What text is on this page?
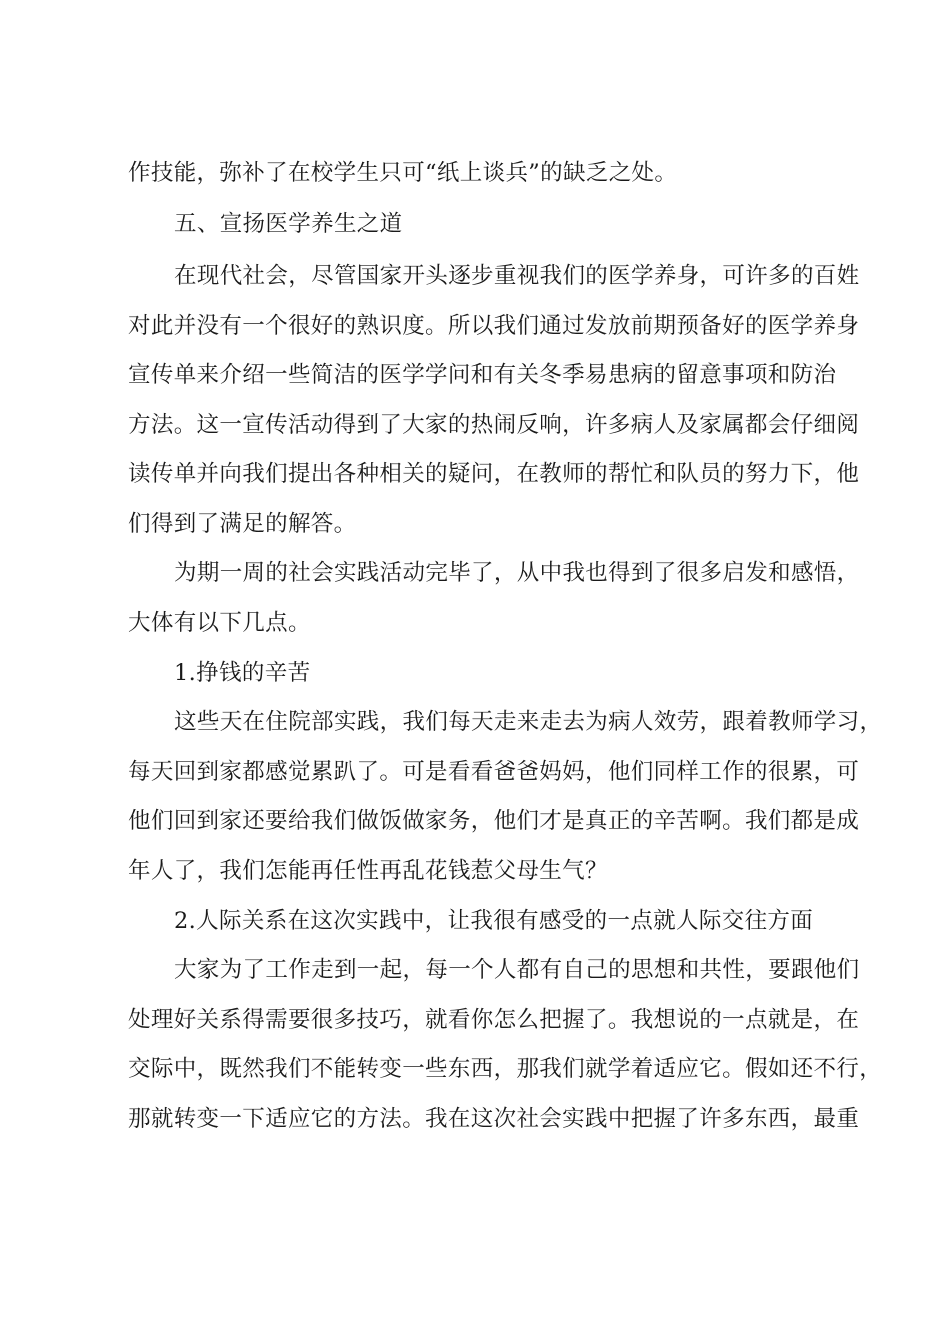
作技能，弥补了在校学生只可“纸上谈兵”的缺乏之处。
五、宣扬医学养生之道
在现代社会，尽管国家开头逐步重视我们的医学养身，可许多的百姓
对此并没有一个很好的熟识度。所以我们通过发放前期预备好的医学养身
宣传单来介绍一些简洁的医学学问和有关冬季易患病的留意事项和防治
方法。这一宣传活动得到了大家的热闹反响，许多病人及家属都会仔细阅
读传单并向我们提出各种相关的疑问，在教师的帮忙和队员的努力下，他
们得到了满足的解答。
为期一周的社会实践活动完毕了，从中我也得到了很多启发和感悟，
大体有以下几点。
1.挣钱的辛苦
这些天在住院部实践，我们每天走来走去为病人效劳，跟着教师学习，
每天回到家都感觉累趴了。可是看看爸爸妈妈，他们同样工作的很累，可
他们回到家还要给我们做饭做家务，他们才是真正的辛苦啊。我们都是成
年人了，我们怎能再任性再乱花钱惹父母生气？
2.人际关系在这次实践中，让我很有感受的一点就人际交往方面
大家为了工作走到一起，每一个人都有自己的思想和共性，要跟他们
处理好关系得需要很多技巧，就看你怎么把握了。我想说的一点就是，在
交际中，既然我们不能转变一些东西，那我们就学着适应它。假如还不行，
那就转变一下适应它的方法。我在这次社会实践中把握了许多东西，最重
